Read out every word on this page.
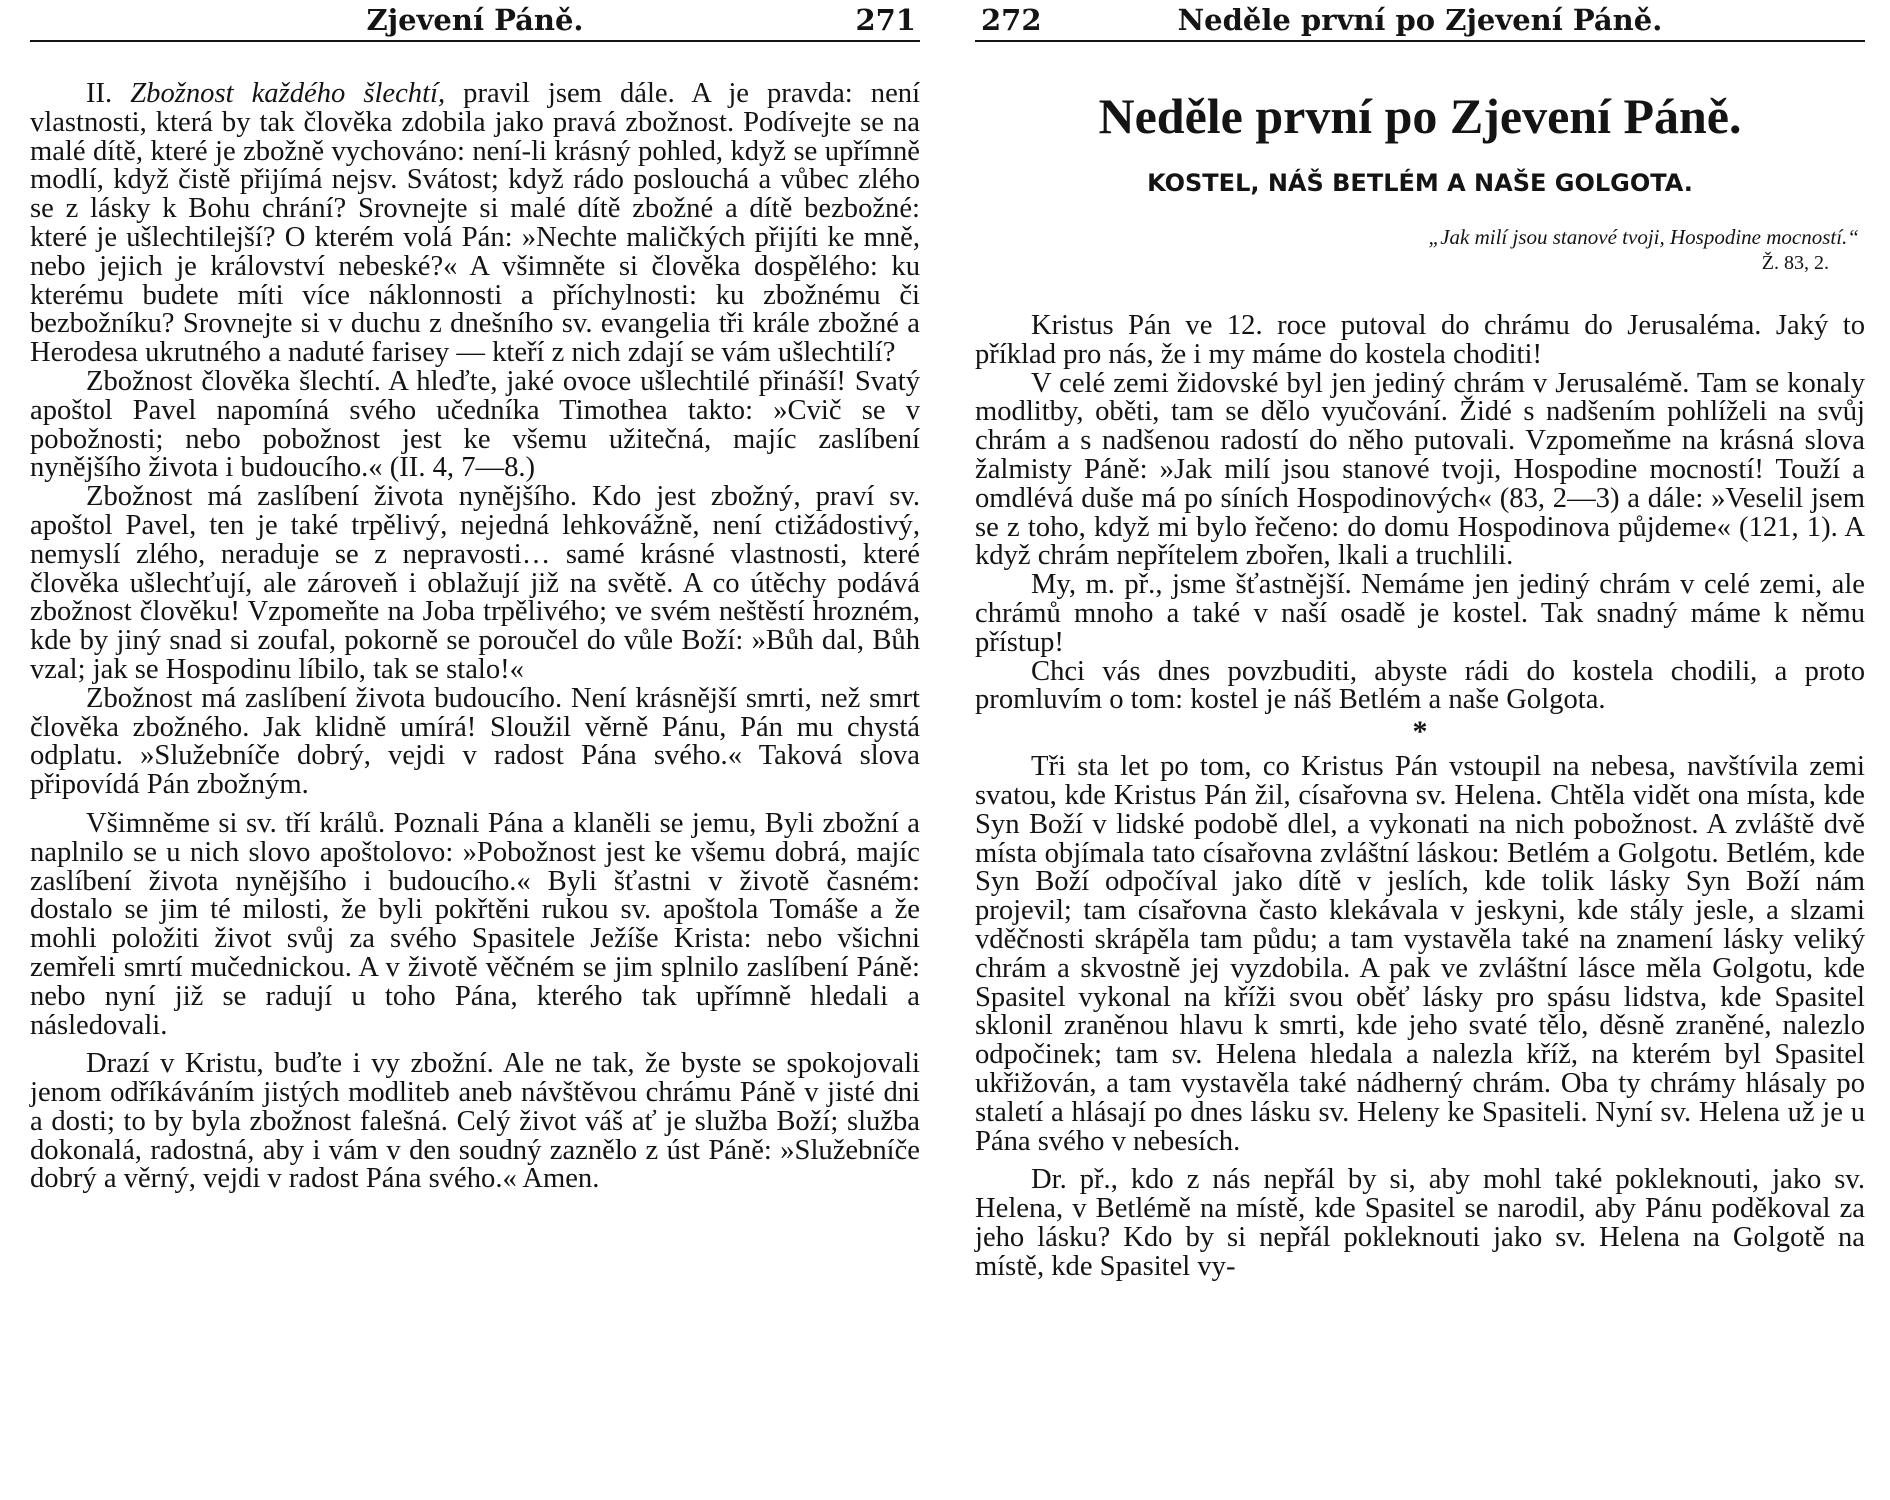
Zjevení Páně.	271

II. Zbožnost každého šlechtí, pravil jsem dále. A je pravda: není vlastnosti, která by tak člověka zdobila jako pravá zbožnost. Podívejte se na malé dítě, které je zbožně vychováno: není-li krásný pohled, když se upřímně modlí, když čistě přijímá nejsv. Svátost; když rádo poslouchá a vůbec zlého se z lásky k Bohu chrání? Srovnejte si malé dítě zbožné a dítě bezbožné: které je ušlechtilejší? O kterém volá Pán: »Nechte maličkých přijíti ke mně, nebo jejich je království nebeské?« A všimněte si člověka dospělého: ku kterému budete míti více náklonnosti a příchylnosti: ku zbožnému či bezbožníku? Srovnejte si v duchu z dnešního sv. evangelia tři krále zbožné a Herodesa ukrutného a naduté farisey — kteří z nich zdají se vám ušlechtilí?

Zbožnost člověka šlechtí. A hleďte, jaké ovoce ušlechtilé přináší! Svatý apoštol Pavel napomíná svého učedníka Timothea takto: »Cvič se v pobožnosti; nebo pobožnost jest ke všemu užitečná, majíc zaslíbení nynějšího života i budoucího.« (II. 4, 7—8.)

Zbožnost má zaslíbení života nynějšího. Kdo jest zbožný, praví sv. apoštol Pavel, ten je také trpělivý, nejedná lehkovážně, není ctižádostivý, nemyslí zlého, neraduje se z nepravosti… samé krásné vlastnosti, které člověka ušlechťují, ale zároveň i oblažují již na světě. A co útěchy podává zbožnost člověku! Vzpomeňte na Joba trpělivého; ve svém neštěstí hrozném, kde by jiný snad si zoufal, pokorně se poroučel do vůle Boží: »Bůh dal, Bůh vzal; jak se Hospodinu líbilo, tak se stalo!«

Zbožnost má zaslíbení života budoucího. Není krásnější smrti, než smrt člověka zbožného. Jak klidně umírá! Sloužil věrně Pánu, Pán mu chystá odplatu. »Služebníče dobrý, vejdi v radost Pána svého.« Taková slova připovídá Pán zbožným.

Všimněme si sv. tří králů. Poznali Pána a klaněli se jemu, Byli zbožní a naplnilo se u nich slovo apoštolovo: »Pobožnost jest ke všemu dobrá, majíc zaslíbení života nynějšího i budoucího.« Byli šťastni v životě časném: dostalo se jim té milosti, že byli pokřtěni rukou sv. apoštola Tomáše a že mohli položiti život svůj za svého Spasitele Ježíše Krista: nebo všichni zemřeli smrtí mučednickou. A v životě věčném se jim splnilo zaslíbení Páně: nebo nyní již se radují u toho Pána, kterého tak upřímně hledali a následovali.

Drazí v Kristu, buďte i vy zbožní. Ale ne tak, že byste se spokojovali jenom odříkáváním jistých modliteb aneb návštěvou chrámu Páně v jisté dni a dosti; to by byla zbožnost falešná. Celý život váš ať je služba Boží; služba dokonalá, radostná, aby i vám v den soudný zaznělo z úst Páně: »Služebníče dobrý a věrný, vejdi v radost Pána svého.« Amen.

272	Neděle první po Zjevení Páně.
Neděle první po Zjevení Páně.
KOSTEL, NÁŠ BETLÉM A NAŠE GOLGOTA.
„Jak milí jsou stanové tvoji, Hospodine mocností.“
Ž. 83, 2.

Kristus Pán ve 12. roce putoval do chrámu do Jerusaléma. Jaký to příklad pro nás, že i my máme do kostela choditi!

V celé zemi židovské byl jen jediný chrám v Jerusalémě. Tam se konaly modlitby, oběti, tam se dělo vyučování. Židé s nadšením pohlíželi na svůj chrám a s nadšenou radostí do něho putovali. Vzpomeňme na krásná slova žalmisty Páně: »Jak milí jsou stanové tvoji, Hospodine mocností! Touží a omdlévá duše má po síních Hospodinových« (83, 2—3) a dále: »Veselil jsem se z toho, když mi bylo řečeno: do domu Hospodinova půjdeme« (121, 1). A když chrám nepřítelem zbořen, lkali a truchlili.

My, m. př., jsme šťastnější. Nemáme jen jediný chrám v celé zemi, ale chrámů mnoho a také v naší osadě je kostel. Tak snadný máme k němu přístup!

Chci vás dnes povzbuditi, abyste rádi do kostela chodili, a proto promluvím o tom: kostel je náš Betlém a naše Golgota.

*

Tři sta let po tom, co Kristus Pán vstoupil na nebesa, navštívila zemi svatou, kde Kristus Pán žil, císařovna sv. Helena. Chtěla vidět ona místa, kde Syn Boží v lidské podobě dlel, a vykonati na nich pobožnost. A zvláště dvě místa objímala tato císařovna zvláštní láskou: Betlém a Golgotu. Betlém, kde Syn Boží odpočíval jako dítě v jeslích, kde tolik lásky Syn Boží nám projevil; tam císařovna často klekávala v jeskyni, kde stály jesle, a slzami vděčnosti skrápěla tam půdu; a tam vystavěla také na znamení lásky veliký chrám a skvostně jej vyzdobila. A pak ve zvláštní lásce měla Golgotu, kde Spasitel vykonal na kříži svou oběť lásky pro spásu lidstva, kde Spasitel sklonil zraněnou hlavu k smrti, kde jeho svaté tělo, děsně zraněné, nalezlo odpočinek; tam sv. Helena hledala a nalezla kříž, na kterém byl Spasitel ukřižován, a tam vystavěla také nádherný chrám. Oba ty chrámy hlásaly po staletí a hlásají po dnes lásku sv. Heleny ke Spasiteli. Nyní sv. Helena už je u Pána svého v nebesích.

Dr. př., kdo z nás nepřál by si, aby mohl také pokleknouti, jako sv. Helena, v Betlémě na místě, kde Spasitel se narodil, aby Pánu poděkoval za jeho lásku? Kdo by si nepřál pokleknouti jako sv. Helena na Golgotě na místě, kde Spasitel vy-
